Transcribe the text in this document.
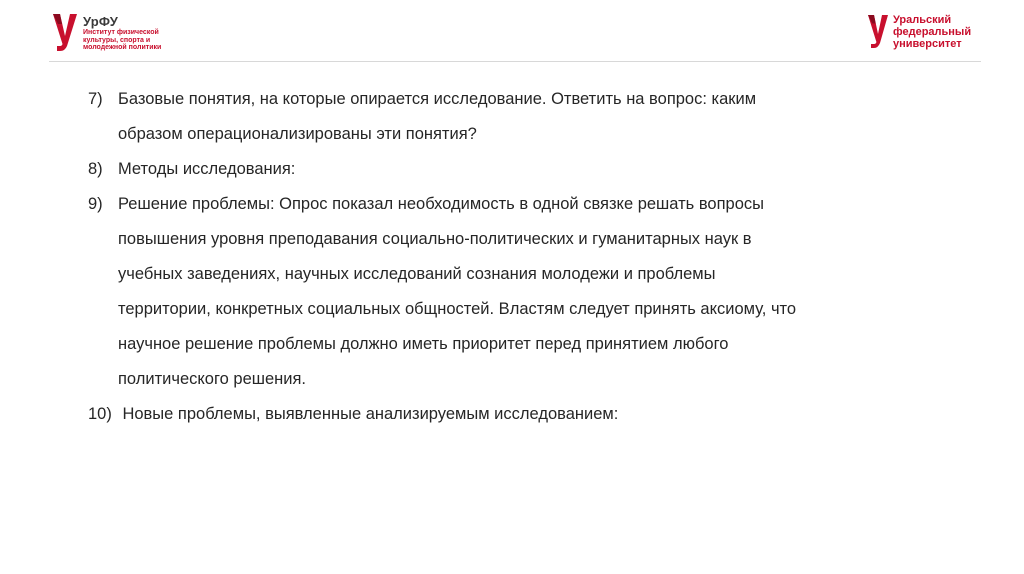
УрФУ
Институт физической
культуры, спорта и
молодежной политики
Уральский
федеральный
университет
7) Базовые понятия, на которые опирается исследование. Ответить на вопрос: каким образом операционализированы эти понятия?
8) Методы исследования:
9) Решение проблемы: Опрос показал необходимость в одной связке решать вопросы повышения уровня преподавания социально-политических и гуманитарных наук в учебных заведениях, научных исследований сознания молодежи и проблемы территории, конкретных социальных общностей. Властям следует принять аксиому, что научное решение проблемы должно иметь приоритет перед принятием любого политического решения.
10) Новые проблемы, выявленные анализируемым исследованием:
